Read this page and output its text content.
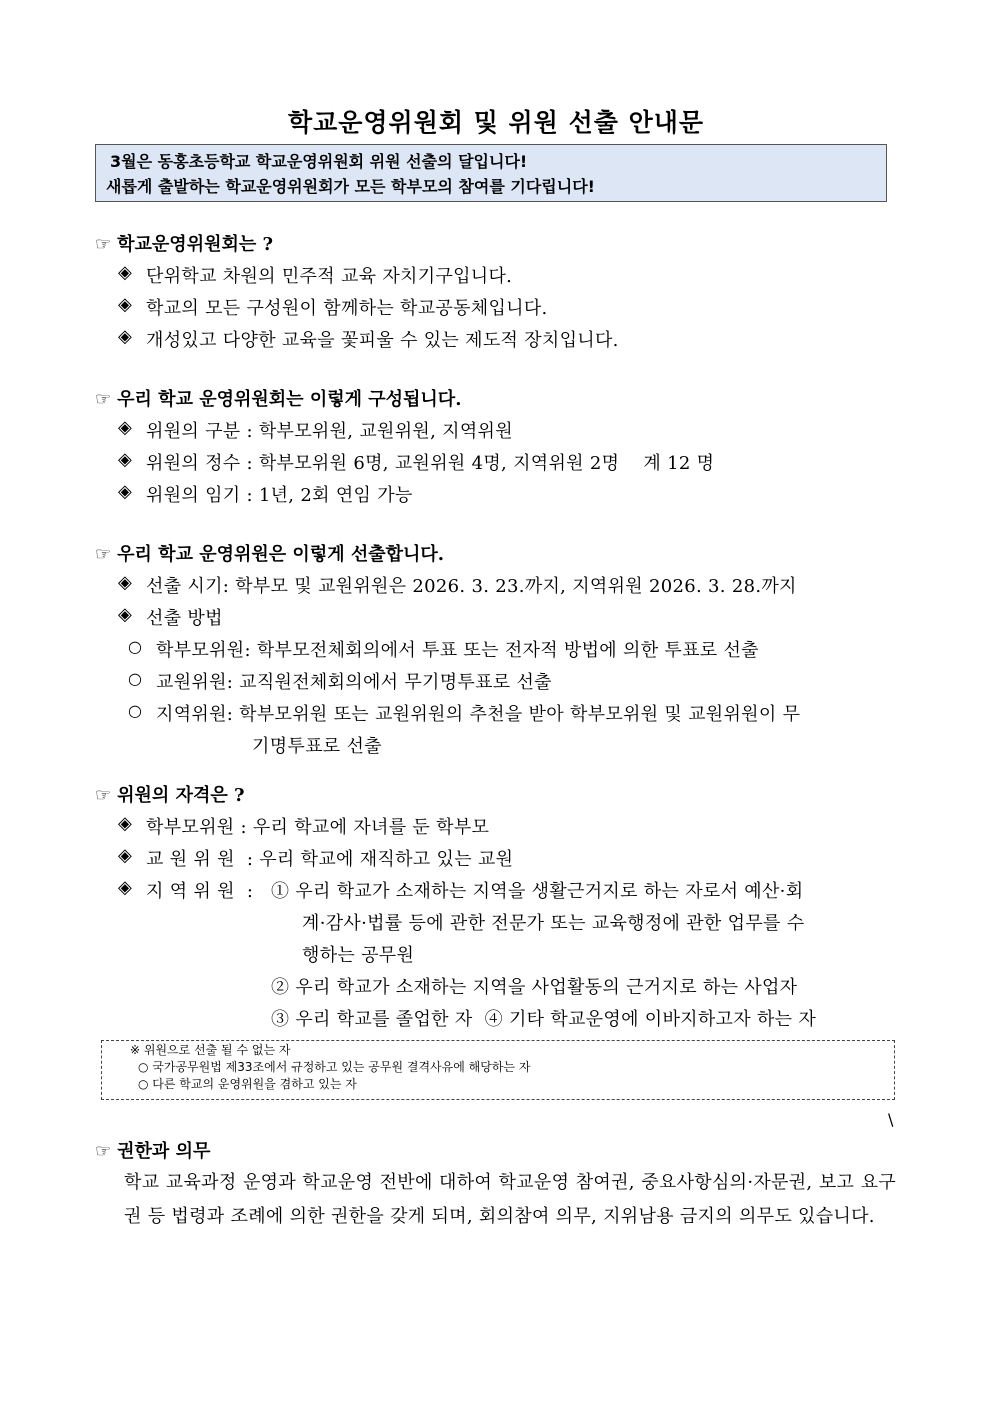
학교운영위원회 및 위원 선출 안내문
3월은 동홍초등학교 학교운영위원회 위원 선출의 달입니다!
새롭게 출발하는 학교운영위원회가 모든 학부모의 참여를 기다립니다!
☞ 학교운영위원회는 ?
◈ 단위학교 차원의 민주적 교육 자치기구입니다.
◈ 학교의 모든 구성원이 함께하는 학교공동체입니다.
◈ 개성있고 다양한 교육을 꽃피울 수 있는 제도적 장치입니다.
☞ 우리 학교 운영위원회는 이렇게 구성됩니다.
◈ 위원의 구분 : 학부모위원, 교원위원, 지역위원
◈ 위원의 정수 : 학부모위원 6명, 교원위원 4명, 지역위원 2명    계 12 명
◈ 위원의 임기 : 1년, 2회 연임 가능
☞ 우리 학교 운영위원은 이렇게 선출합니다.
◈ 선출 시기: 학부모 및 교원위원은 2026. 3. 23.까지, 지역위원 2026. 3. 28.까지
◈ 선출 방법
○ 학부모위원: 학부모전체회의에서 투표 또는 전자적 방법에 의한 투표로 선출
○ 교원위원: 교직원전체회의에서 무기명투표로 선출
○ 지역위원: 학부모위원 또는 교원위원의 추천을 받아 학부모위원 및 교원위원이 무
기명투표로 선출
☞ 위원의 자격은 ?
◈ 학부모위원 : 우리 학교에 자녀를 둔 학부모
◈ 교 원 위 원  : 우리 학교에 재직하고 있는 교원
◈ 지 역 위 원  : ① 우리 학교가 소재하는 지역을 생활근거지로 하는 자로서 예산·회
계·감사·법률 등에 관한 전문가 또는 교육행정에 관한 업무를 수
행하는 공무원
② 우리 학교가 소재하는 지역을 사업활동의 근거지로 하는 사업자
③ 우리 학교를 졸업한 자  ④ 기타 학교운영에 이바지하고자 하는 자
※ 위원으로 선출 될 수 없는 자
○ 국가공무원법 제33조에서 규정하고 있는 공무원 결격사유에 해당하는 자
○ 다른 학교의 운영위원을 겸하고 있는 자
\
☞ 권한과 의무
학교 교육과정 운영과 학교운영 전반에 대하여 학교운영 참여권, 중요사항심의·자문권, 보고 요구권 등 법령과 조례에 의한 권한을 갖게 되며, 회의참여 의무, 지위남용 금지의 의무도 있습니다.
